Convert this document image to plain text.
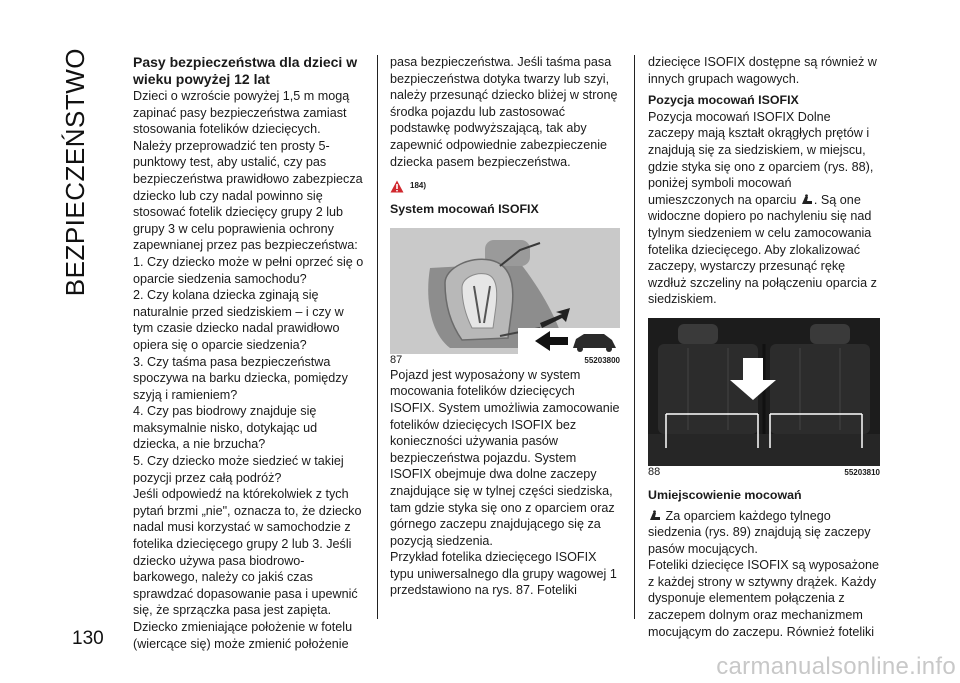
BEZPIECZEŃSTWO
130

Pasy bezpieczeństwa dla dzieci w wieku powyżej 12 lat

Dzieci o wzroście powyżej 1,5 m mogą zapinać pasy bezpieczeństwa zamiast stosowania fotelików dziecięcych.

Należy przeprowadzić ten prosty 5-punktowy test, aby ustalić, czy pas bezpieczeństwa prawidłowo zabezpiecza dziecko lub czy nadal powinno się stosować fotelik dziecięcy grupy 2 lub grupy 3 w celu poprawienia ochrony zapewnianej przez pas bezpieczeństwa:

1. Czy dziecko może w pełni oprzeć się o oparcie siedzenia samochodu?

2. Czy kolana dziecka zginają się naturalnie przed siedziskiem – i czy w tym czasie dziecko nadal prawidłowo opiera się o oparcie siedzenia?

3. Czy taśma pasa bezpieczeństwa spoczywa na barku dziecka, pomiędzy szyją i ramieniem?

4. Czy pas biodrowy znajduje się maksymalnie nisko, dotykając ud dziecka, a nie brzucha?

5. Czy dziecko może siedzieć w takiej pozycji przez całą podróż?

Jeśli odpowiedź na którekolwiek z tych pytań brzmi „nie", oznacza to, że dziecko nadal musi korzystać w samochodzie z fotelika dziecięcego grupy 2 lub 3. Jeśli dziecko używa pasa biodrowo-barkowego, należy co jakiś czas sprawdzać dopasowanie pasa i upewnić się, że sprzączka pasa jest zapięta. Dziecko zmieniające położenie w fotelu (wiercące się) może zmienić położenie

pasa bezpieczeństwa. Jeśli taśma pasa bezpieczeństwa dotyka twarzy lub szyi, należy przesunąć dziecko bliżej w stronę środka pojazdu lub zastosować podstawkę podwyższającą, tak aby zapewnić odpowiednie zabezpieczenie dziecka pasem bezpieczeństwa.

184)

System mocowań ISOFIX

87	55203800

Pojazd jest wyposażony w system mocowania fotelików dziecięcych ISOFIX. System umożliwia zamocowanie fotelików dziecięcych ISOFIX bez konieczności używania pasów bezpieczeństwa pojazdu. System ISOFIX obejmuje dwa dolne zaczepy znajdujące się w tylnej części siedziska, tam gdzie styka się ono z oparciem oraz górnego zaczepu znajdującego się za pozycją siedzenia.

Przykład fotelika dziecięcego ISOFIX typu uniwersalnego dla grupy wagowej 1 przedstawiono na rys. 87. Foteliki

dziecięce ISOFIX dostępne są również w innych grupach wagowych.

Pozycja mocowań ISOFIX

Pozycja mocowań ISOFIX Dolne zaczepy mają kształt okrągłych prętów i znajdują się za siedziskiem, w miejscu, gdzie styka się ono z oparciem (rys. 88), poniżej symboli mocowań umieszczonych na oparciu . Są one widoczne dopiero po nachyleniu się nad tylnym siedzeniem w celu zamocowania fotelika dziecięcego. Aby zlokalizować zaczepy, wystarczy przesunąć rękę wzdłuż szczeliny na połączeniu oparcia z siedziskiem.

88	55203810

Umiejscowienie mocowań

Za oparciem każdego tylnego siedzenia (rys. 89) znajdują się zaczepy pasów mocujących.

Foteliki dziecięce ISOFIX są wyposażone z każdej strony w sztywny drążek. Każdy dysponuje elementem połączenia z zaczepem dolnym oraz mechanizmem mocującym do zaczepu. Również foteliki

carmanualsonline.info
